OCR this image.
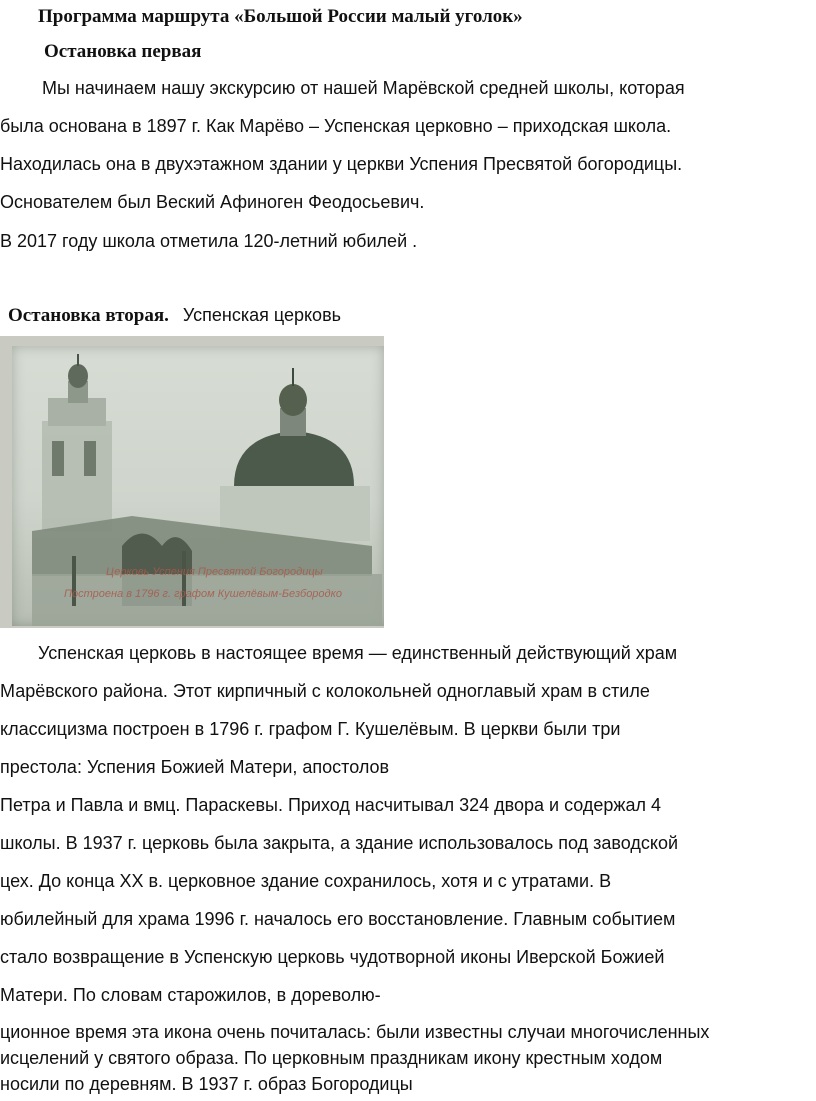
Программа маршрута «Большой России малый уголок»
Остановка первая
Мы начинаем нашу экскурсию от нашей Марёвской средней школы, которая
была основана в 1897 г. Как Марёво – Успенская церковно – приходская школа.
Находилась она в двухэтажном здании у церкви Успения Пресвятой богородицы.
Основателем был Веский Афиноген Феодосьевич.
В 2017 году школа отметила 120-летний юбилей .
Остановка вторая. Успенская церковь
Церковь Успения Пресвятой Богородицы
Построена в 1796 г. графом Кушелёвым-Безбородко
Успенская церковь в настоящее время — единственный действующий храм
Марёвского района. Этот кирпичный с колокольней одноглавый храм в стиле
классицизма построен в 1796 г. графом Г. Кушелёвым. В церкви были три
престола: Успения Божией Матери, апостолов
Петра и Павла и вмц. Параскевы. Приход насчитывал 324 двора и содержал 4
школы. В 1937 г. церковь была закрыта, а здание использовалось под заводской
цех. До конца XX в. церковное здание сохранилось, хотя и с утратами. В
юбилейный для храма 1996 г. началось его восстановление. Главным событием
стало возвращение в Успенскую церковь чудотворной иконы Иверской Божией
Матери. По словам старожилов, в дореволю-
ционное время эта икона очень почиталась: были известны случаи многочисленных
исцелений у святого образа. По церковным праздникам икону крестным ходом
носили по деревням. В 1937 г. образ Богородицы
